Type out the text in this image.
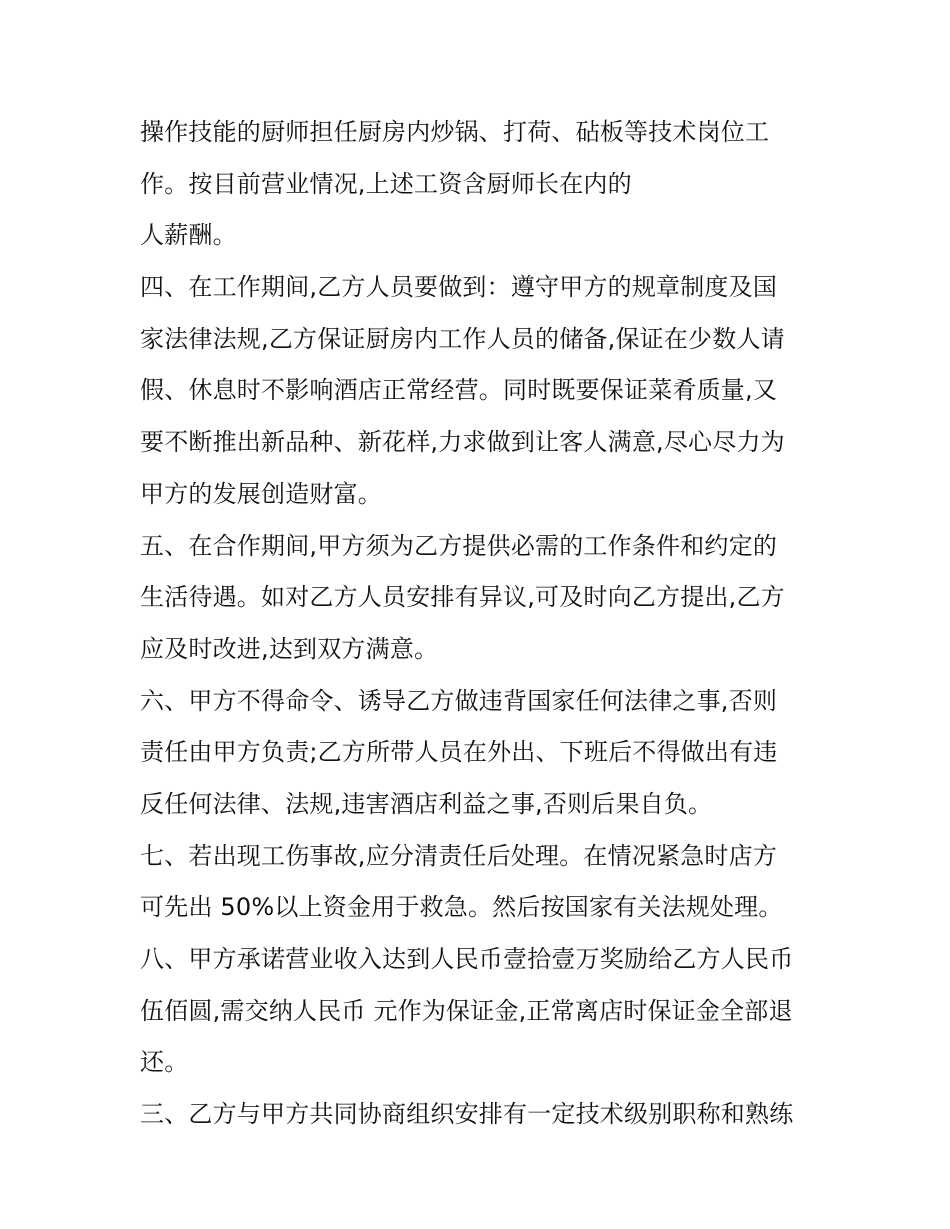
操作技能的厨师担任厨房内炒锅、打荷、砧板等技术岗位工
作。按目前营业情况,上述工资含厨师长在内的
人薪酬。
四、在工作期间,乙方人员要做到：遵守甲方的规章制度及国
家法律法规,乙方保证厨房内工作人员的储备,保证在少数人请
假、休息时不影响酒店正常经营。同时既要保证菜肴质量,又
要不断推出新品种、新花样,力求做到让客人满意,尽心尽力为
甲方的发展创造财富。
五、在合作期间,甲方须为乙方提供必需的工作条件和约定的
生活待遇。如对乙方人员安排有异议,可及时向乙方提出,乙方
应及时改进,达到双方满意。
六、甲方不得命令、诱导乙方做违背国家任何法律之事,否则
责任由甲方负责;乙方所带人员在外出、下班后不得做出有违
反任何法律、法规,违害酒店利益之事,否则后果自负。
七、若出现工伤事故,应分清责任后处理。在情况紧急时店方
可先出 50%以上资金用于救急。然后按国家有关法规处理。
八、甲方承诺营业收入达到人民币壹拾壹万奖励给乙方人民币
伍佰圆,需交纳人民币 元作为保证金,正常离店时保证金全部退
还。
三、乙方与甲方共同协商组织安排有一定技术级别职称和熟练
